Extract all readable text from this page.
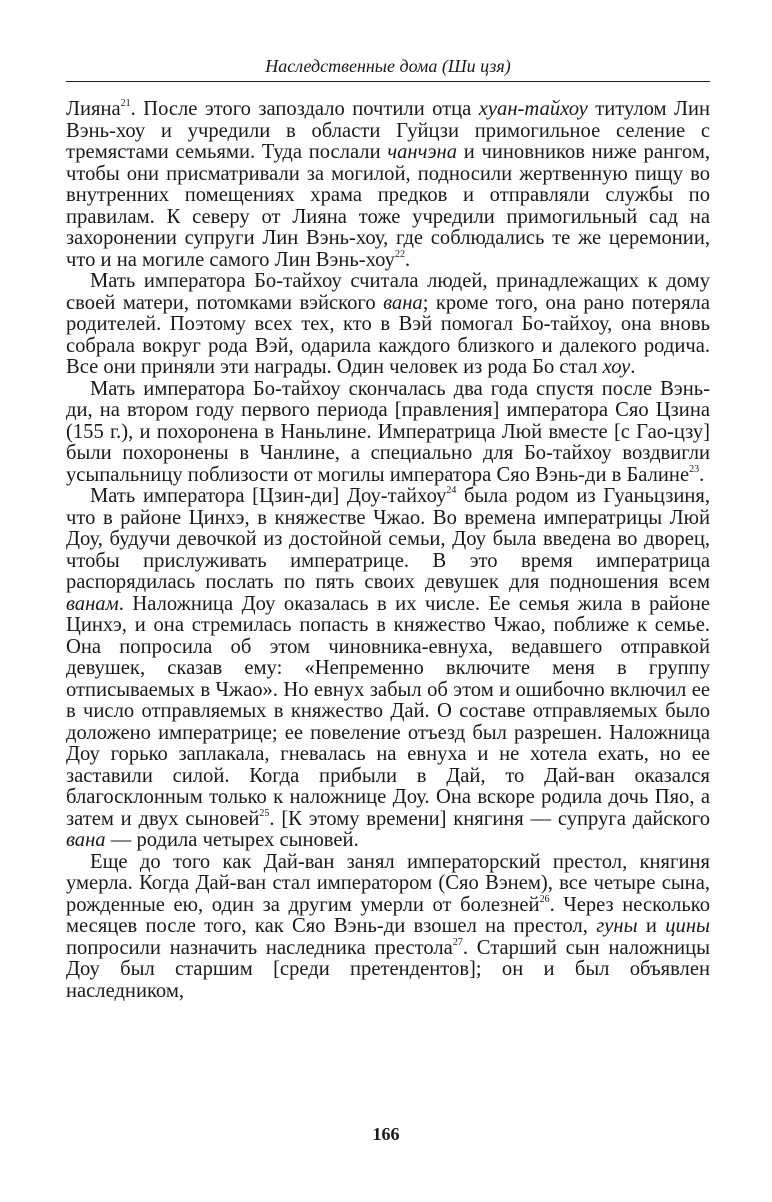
Наследственные дома (Ши цзя)

Лияна$^{21}$. После этого запоздало почтили отца хуан-тайхоу титулом Лин Вэнь-хоу и учредили в области Гуйцзи примогильное селение с тремястами семьями. Туда послали чанчэна и чиновников ниже рангом, чтобы они присматривали за могилой, подносили жертвенную пищу во внутренних помещениях храма предков и отправляли службы по правилам. К северу от Лияна тоже учредили примогильный сад на захоронении супруги Лин Вэнь-хоу, где соблюдались те же церемонии, что и на могиле самого Лин Вэнь-хоу$^{22}$.

Мать императора Бо-тайхоу считала людей, принадлежащих к дому своей матери, потомками вэйского вана; кроме того, она рано потеряла родителей. Поэтому всех тех, кто в Вэй помогал Бо-тайхоу, она вновь собрала вокруг рода Вэй, одарила каждого близкого и далекого родича. Все они приняли эти награды. Один человек из рода Бо стал хоу.

Мать императора Бо-тайхоу скончалась два года спустя после Вэнь-ди, на втором году первого периода [правления] императора Сяо Цзина (155 г.), и похоронена в Наньлине. Императрица Люй вместе [с Гао-цзу] были похоронены в Чанлине, а специально для Бо-тайхоу воздвигли усыпальницу поблизости от могилы императора Сяо Вэнь-ди в Балине$^{23}$.

Мать императора [Цзин-ди] Доу-тайхоу$^{24}$ была родом из Гуаньцзиня, что в районе Цинхэ, в княжестве Чжао. Во времена императрицы Люй Доу, будучи девочкой из достойной семьи, Доу была введена во дворец, чтобы прислуживать императрице. В это время императрица распорядилась послать по пять своих девушек для подношения всем ванам. Наложница Доу оказалась в их числе. Ее семья жила в районе Цинхэ, и она стремилась попасть в княжество Чжао, поближе к семье. Она попросила об этом чиновника-евнуха, ведавшего отправкой девушек, сказав ему: «Непременно включите меня в группу отписываемых в Чжао». Но евнух забыл об этом и ошибочно включил ее в число отправляемых в княжество Дай. О составе отправляемых было доложено императрице; ее повеление отъезд был разрешен. Наложница Доу горько заплакала, гневалась на евнуха и не хотела ехать, но ее заставили силой. Когда прибыли в Дай, то Дай-ван оказался благосклонным только к наложнице Доу. Она вскоре родила дочь Пяо, а затем и двух сыновей$^{25}$. [К этому времени] княгиня — супруга дайского вана — родила четырех сыновей.

Еще до того как Дай-ван занял императорский престол, княгиня умерла. Когда Дай-ван стал императором (Сяо Вэнем), все четыре сына, рожденные ею, один за другим умерли от болезней$^{26}$. Через несколько месяцев после того, как Сяо Вэнь-ди взошел на престол, гуны и цины попросили назначить наследника престола$^{27}$. Старший сын наложницы Доу был старшим [среди претендентов]; он и был объявлен наследником,

166
